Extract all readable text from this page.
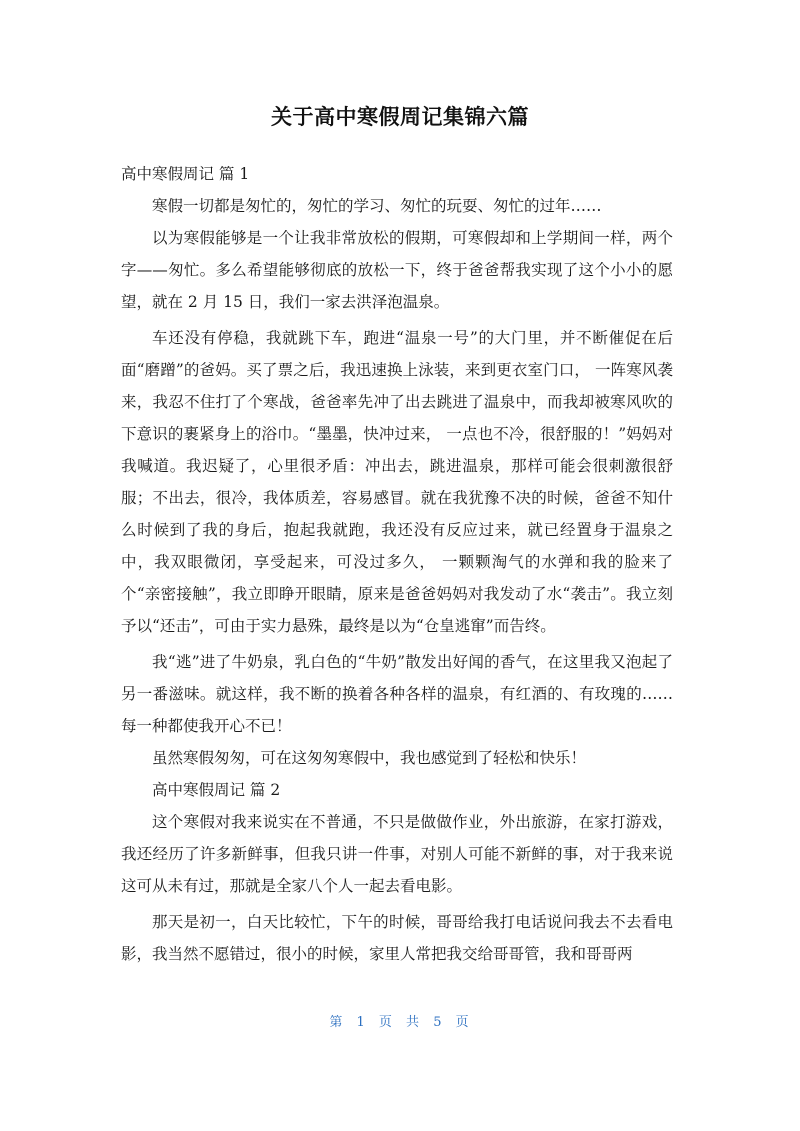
关于高中寒假周记集锦六篇

高中寒假周记 篇 1

寒假一切都是匆忙的，匆忙的学习、匆忙的玩耍、匆忙的过年……

以为寒假能够是一个让我非常放松的假期，可寒假却和上学期间一样，两个字——匆忙。多么希望能够彻底的放松一下，终于爸爸帮我实现了这个小小的愿望，就在 2 月 15 日，我们一家去洪泽泡温泉。

车还没有停稳，我就跳下车，跑进“温泉一号”的大门里，并不断催促在后面“磨蹭”的爸妈。买了票之后，我迅速换上泳装，来到更衣室门口， 一阵寒风袭来，我忍不住打了个寒战，爸爸率先冲了出去跳进了温泉中，而我却被寒风吹的下意识的裹紧身上的浴巾。“墨墨，快冲过来， 一点也不冷，很舒服的！”妈妈对我喊道。我迟疑了，心里很矛盾：冲出去，跳进温泉，那样可能会很刺激很舒服；不出去，很冷，我体质差，容易感冒。就在我犹豫不决的时候，爸爸不知什么时候到了我的身后，抱起我就跑，我还没有反应过来，就已经置身于温泉之中，我双眼微闭，享受起来，可没过多久， 一颗颗淘气的水弹和我的脸来了个“亲密接触”，我立即睁开眼睛，原来是爸爸妈妈对我发动了水“袭击”。我立刻予以“还击”，可由于实力悬殊，最终是以为“仓皇逃窜”而告终。

我“逃”进了牛奶泉，乳白色的“牛奶”散发出好闻的香气，在这里我又泡起了另一番滋味。就这样，我不断的换着各种各样的温泉，有红酒的、有玫瑰的……每一种都使我开心不已！

虽然寒假匆匆，可在这匆匆寒假中，我也感觉到了轻松和快乐！

高中寒假周记 篇 2

这个寒假对我来说实在不普通，不只是做做作业，外出旅游，在家打游戏，我还经历了许多新鲜事，但我只讲一件事，对别人可能不新鲜的事，对于我来说这可从未有过，那就是全家八个人一起去看电影。

那天是初一，白天比较忙，下午的时候，哥哥给我打电话说问我去不去看电影，我当然不愿错过，很小的时候，家里人常把我交给哥哥管，我和哥哥两

第 1 页 共 5 页
